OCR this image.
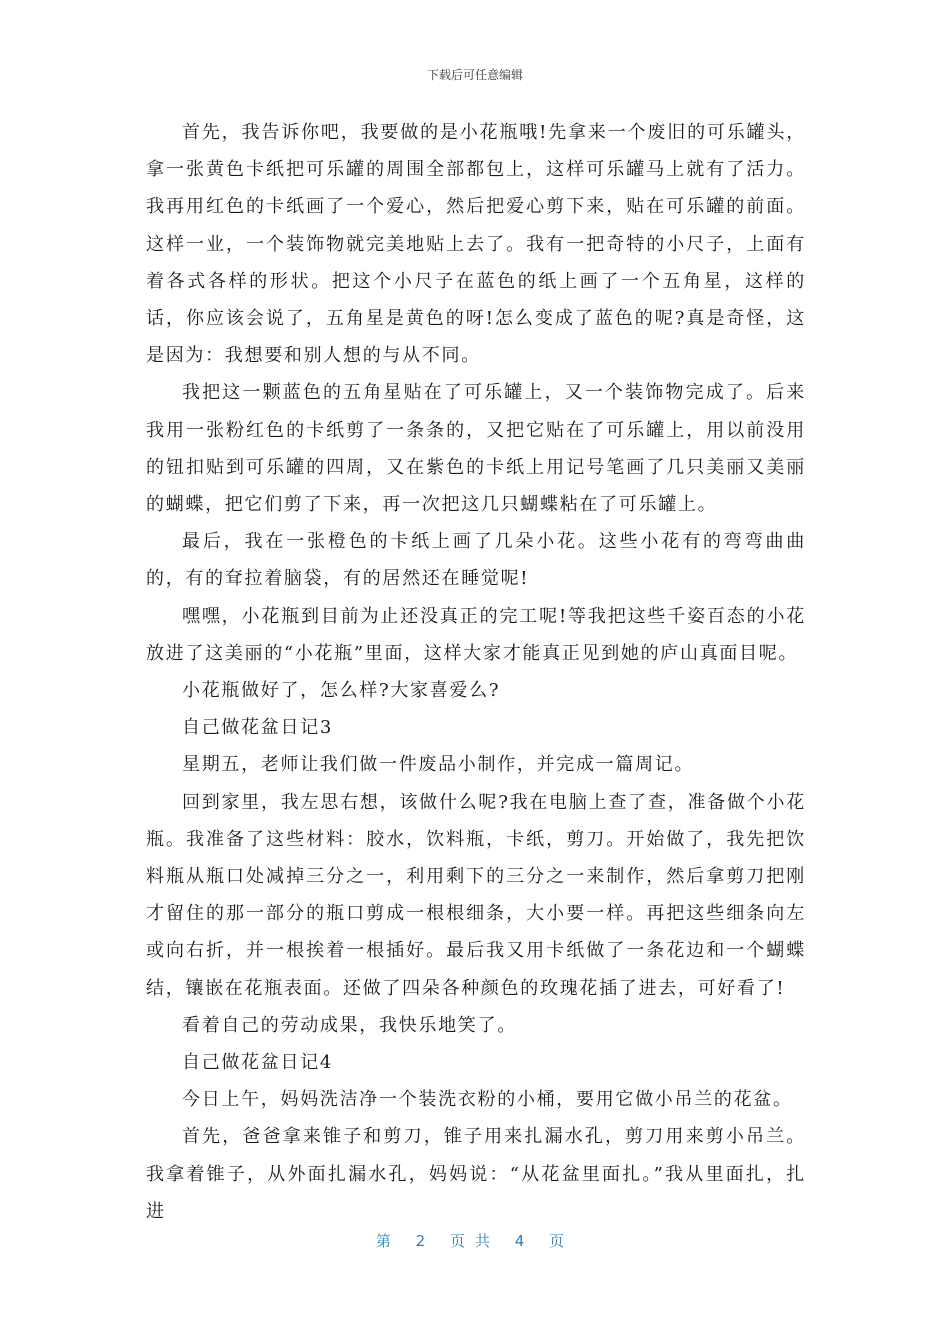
下载后可任意编辑

首先，我告诉你吧，我要做的是小花瓶哦!先拿来一个废旧的可乐罐头，拿一张黄色卡纸把可乐罐的周围全部都包上，这样可乐罐马上就有了活力。我再用红色的卡纸画了一个爱心，然后把爱心剪下来，贴在可乐罐的前面。这样一业，一个装饰物就完美地贴上去了。我有一把奇特的小尺子，上面有着各式各样的形状。把这个小尺子在蓝色的纸上画了一个五角星，这样的话，你应该会说了，五角星是黄色的呀!怎么变成了蓝色的呢?真是奇怪，这是因为：我想要和别人想的与从不同。

我把这一颗蓝色的五角星贴在了可乐罐上，又一个装饰物完成了。后来我用一张粉红色的卡纸剪了一条条的，又把它贴在了可乐罐上，用以前没用的钮扣贴到可乐罐的四周，又在紫色的卡纸上用记号笔画了几只美丽又美丽的蝴蝶，把它们剪了下来，再一次把这几只蝴蝶粘在了可乐罐上。

最后，我在一张橙色的卡纸上画了几朵小花。这些小花有的弯弯曲曲的，有的耷拉着脑袋，有的居然还在睡觉呢!

嘿嘿，小花瓶到目前为止还没真正的完工呢!等我把这些千姿百态的小花放进了这美丽的“小花瓶”里面，这样大家才能真正见到她的庐山真面目呢。

小花瓶做好了，怎么样?大家喜爱么?

自己做花盆日记3

星期五，老师让我们做一件废品小制作，并完成一篇周记。

回到家里，我左思右想，该做什么呢?我在电脑上查了查，准备做个小花瓶。我准备了这些材料：胶水，饮料瓶，卡纸，剪刀。开始做了，我先把饮料瓶从瓶口处减掉三分之一，利用剩下的三分之一来制作，然后拿剪刀把刚才留住的那一部分的瓶口剪成一根根细条，大小要一样。再把这些细条向左或向右折，并一根挨着一根插好。最后我又用卡纸做了一条花边和一个蝴蝶结，镶嵌在花瓶表面。还做了四朵各种颜色的玫瑰花插了进去，可好看了!

看着自己的劳动成果，我快乐地笑了。

自己做花盆日记4

今日上午，妈妈洗洁净一个装洗衣粉的小桶，要用它做小吊兰的花盆。

首先，爸爸拿来锥子和剪刀，锥子用来扎漏水孔，剪刀用来剪小吊兰。我拿着锥子，从外面扎漏水孔，妈妈说：“从花盆里面扎。”我从里面扎，扎进

第 2 页共 4 页
